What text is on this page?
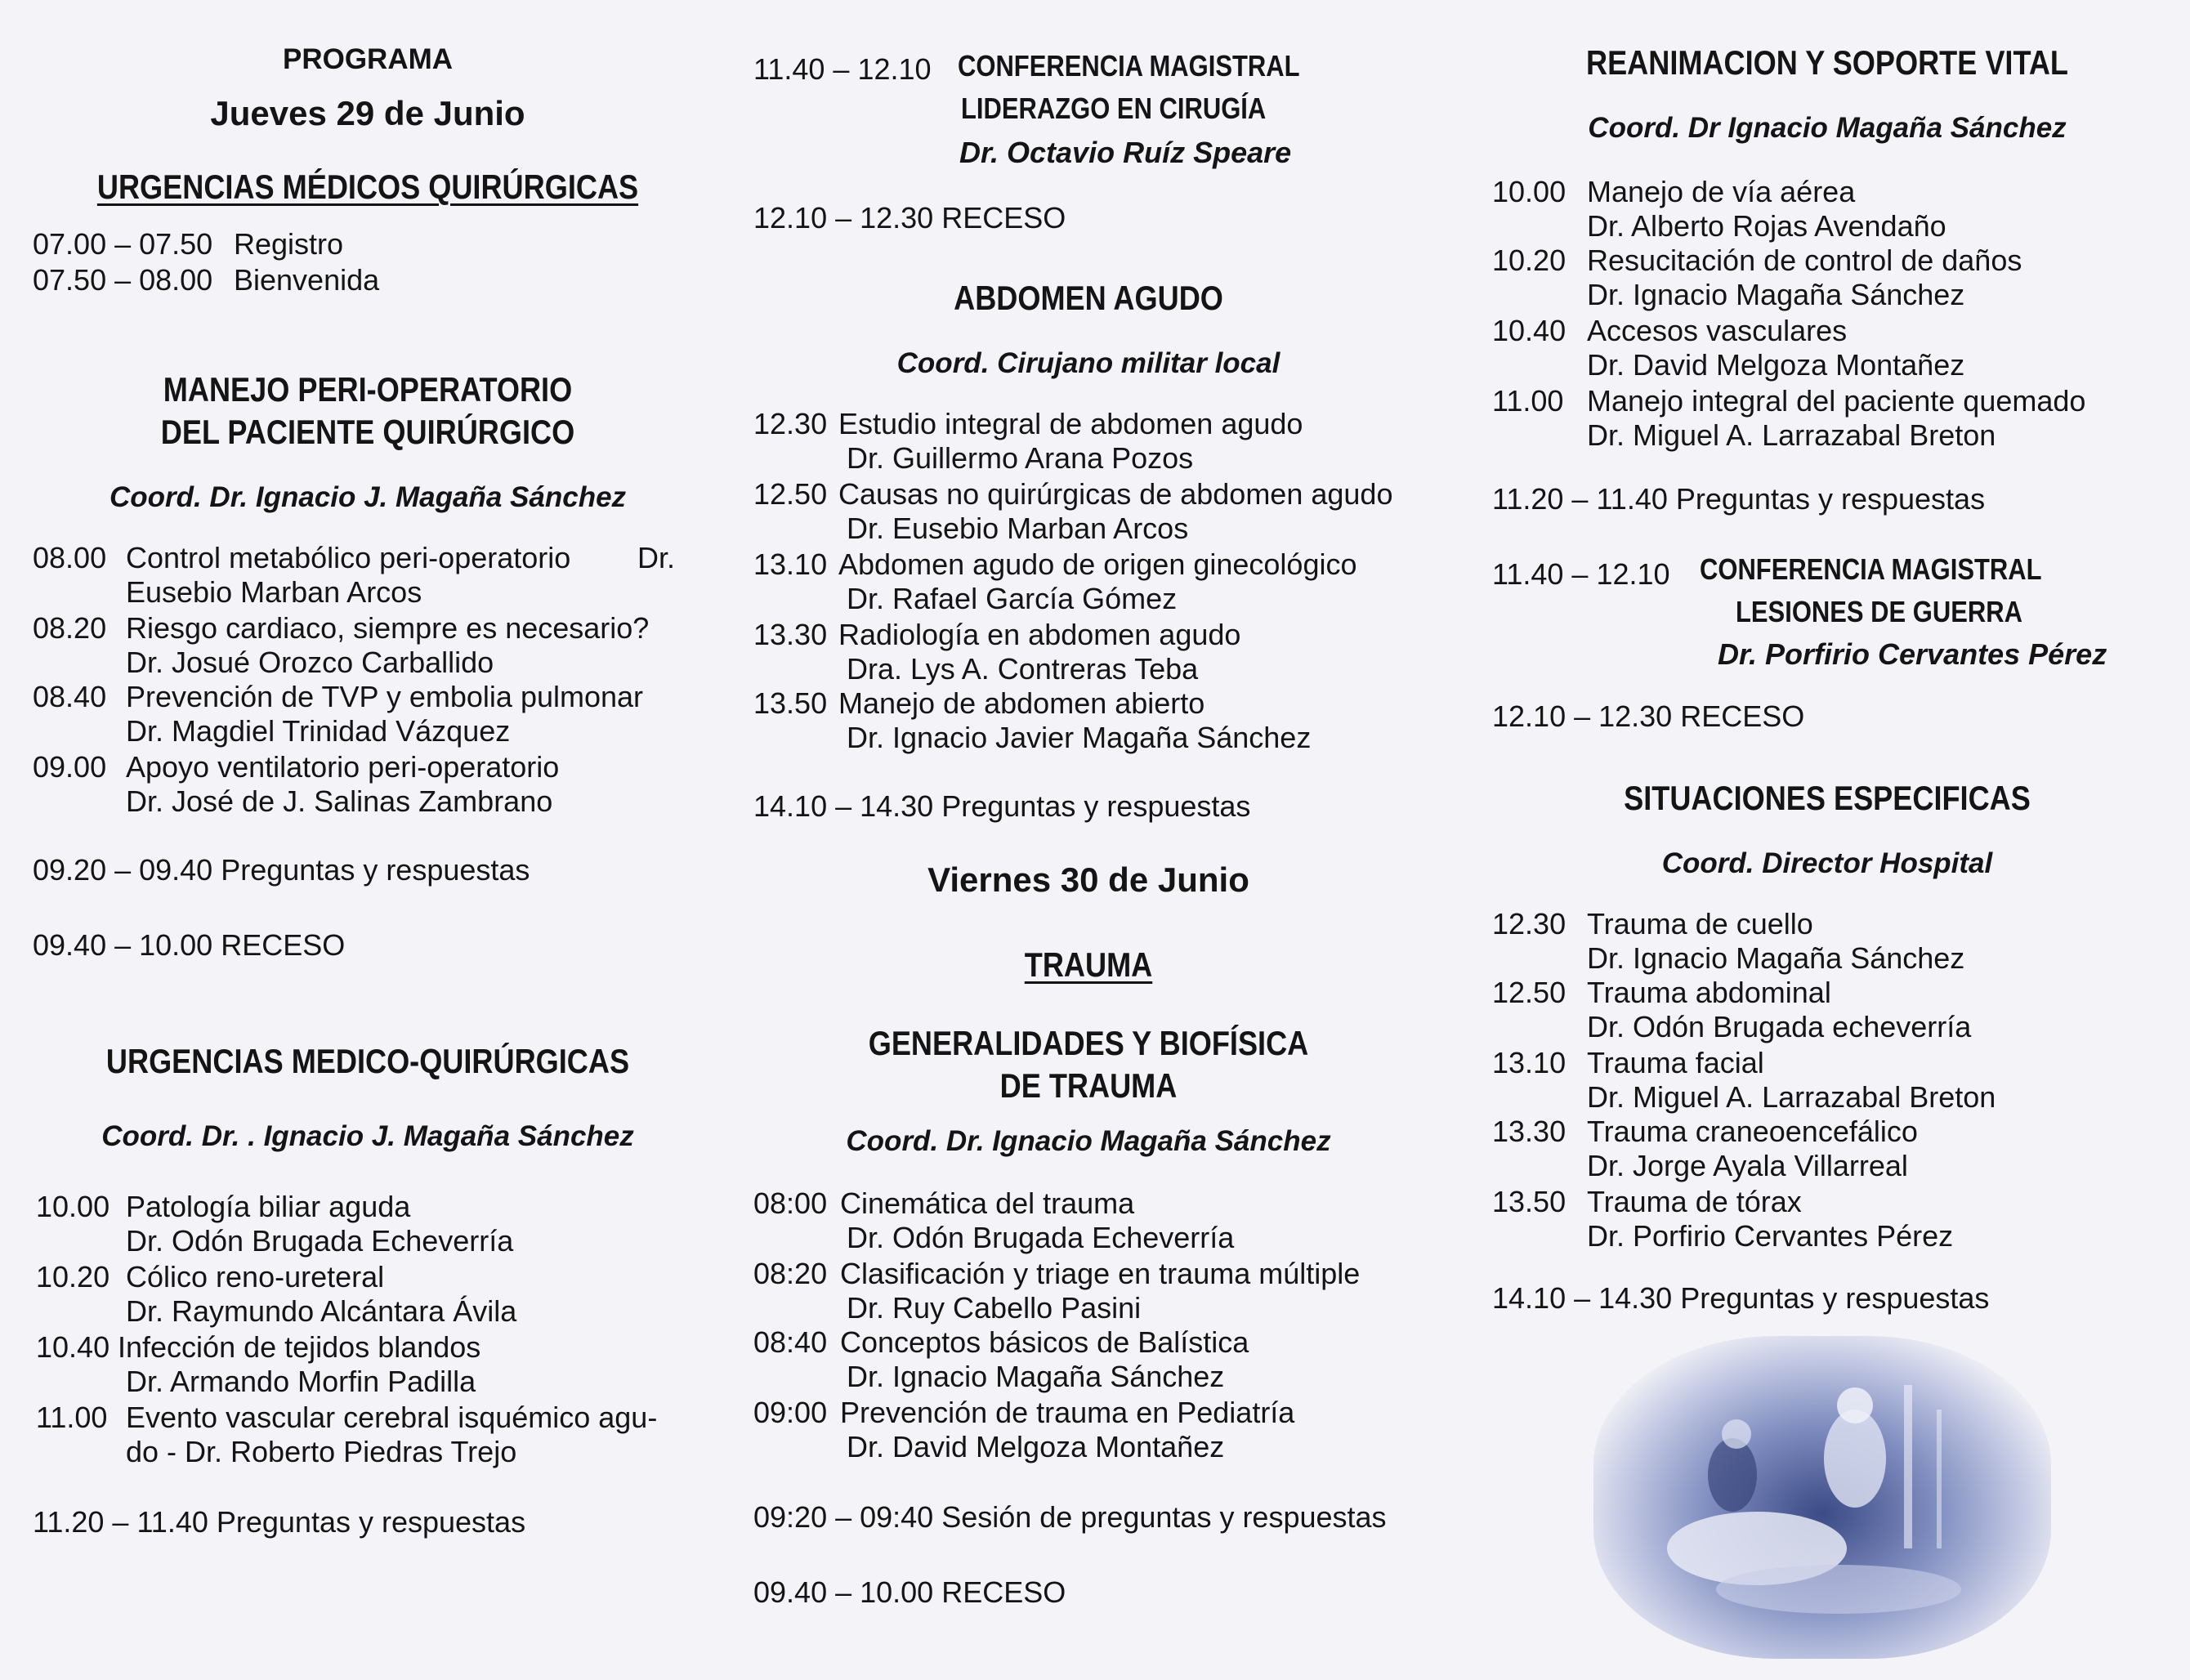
PROGRAMA
Jueves 29 de Junio
URGENCIAS MÉDICOS QUIRÚRGICAS
07.00 – 07.50 Registro
07.50 – 08.00 Bienvenida
MANEJO PERI-OPERATORIO
DEL PACIENTE QUIRÚRGICO
Coord. Dr. Ignacio J. Magaña Sánchez
08.00 Control metabólico peri-operatorio Dr.
Eusebio Marban Arcos
08.20 Riesgo cardiaco, siempre es necesario?
Dr. Josué Orozco Carballido
08.40 Prevención de TVP y embolia pulmonar
Dr. Magdiel Trinidad Vázquez
09.00 Apoyo ventilatorio peri-operatorio
Dr. José de J. Salinas Zambrano
09.20 – 09.40 Preguntas y respuestas
09.40 – 10.00 RECESO
URGENCIAS MEDICO-QUIRÚRGICAS
Coord. Dr. . Ignacio J. Magaña Sánchez
10.00 Patología biliar aguda
Dr. Odón Brugada Echeverría
10.20 Cólico reno-ureteral
Dr. Raymundo Alcántara Ávila
10.40 Infección de tejidos blandos
Dr. Armando Morfin Padilla
11.00 Evento vascular cerebral isquémico agu-
do - Dr. Roberto Piedras Trejo
11.20 – 11.40 Preguntas y respuestas
11.40 – 12.10 CONFERENCIA MAGISTRAL
LIDERAZGO EN CIRUGÍA
Dr. Octavio Ruíz Speare
12.10 – 12.30 RECESO
ABDOMEN AGUDO
Coord. Cirujano militar local
12.30 Estudio integral de abdomen agudo
Dr. Guillermo Arana Pozos
12.50 Causas no quirúrgicas de abdomen agudo
Dr. Eusebio Marban Arcos
13.10 Abdomen agudo de origen ginecológico
Dr. Rafael García Gómez
13.30 Radiología en abdomen agudo
Dra. Lys A. Contreras Teba
13.50 Manejo de abdomen abierto
Dr. Ignacio Javier Magaña Sánchez
14.10 – 14.30 Preguntas y respuestas
Viernes 30 de Junio
TRAUMA
GENERALIDADES Y BIOFÍSICA
DE TRAUMA
Coord. Dr. Ignacio Magaña Sánchez
08:00 Cinemática del trauma
Dr. Odón Brugada Echeverría
08:20 Clasificación y triage en trauma múltiple
Dr. Ruy Cabello Pasini
08:40 Conceptos básicos de Balística
Dr. Ignacio Magaña Sánchez
09:00 Prevención de trauma en Pediatría
Dr. David Melgoza Montañez
09:20 – 09:40 Sesión de preguntas y respuestas
09.40 – 10.00 RECESO
REANIMACION Y SOPORTE VITAL
Coord. Dr Ignacio Magaña Sánchez
10.00 Manejo de vía aérea
Dr. Alberto Rojas Avendaño
10.20 Resucitación de control de daños
Dr. Ignacio Magaña Sánchez
10.40 Accesos vasculares
Dr. David Melgoza Montañez
11.00 Manejo integral del paciente quemado
Dr. Miguel A. Larrazabal Breton
11.20 – 11.40 Preguntas y respuestas
11.40 – 12.10 CONFERENCIA MAGISTRAL
LESIONES DE GUERRA
Dr. Porfirio Cervantes Pérez
12.10 – 12.30 RECESO
SITUACIONES ESPECIFICAS
Coord. Director Hospital
12.30 Trauma de cuello
Dr. Ignacio Magaña Sánchez
12.50 Trauma abdominal
Dr. Odón Brugada echeverría
13.10 Trauma facial
Dr. Miguel A. Larrazabal Breton
13.30 Trauma craneoencefálico
Dr. Jorge Ayala Villarreal
13.50 Trauma de tórax
Dr. Porfirio Cervantes Pérez
14.10 – 14.30 Preguntas y respuestas
